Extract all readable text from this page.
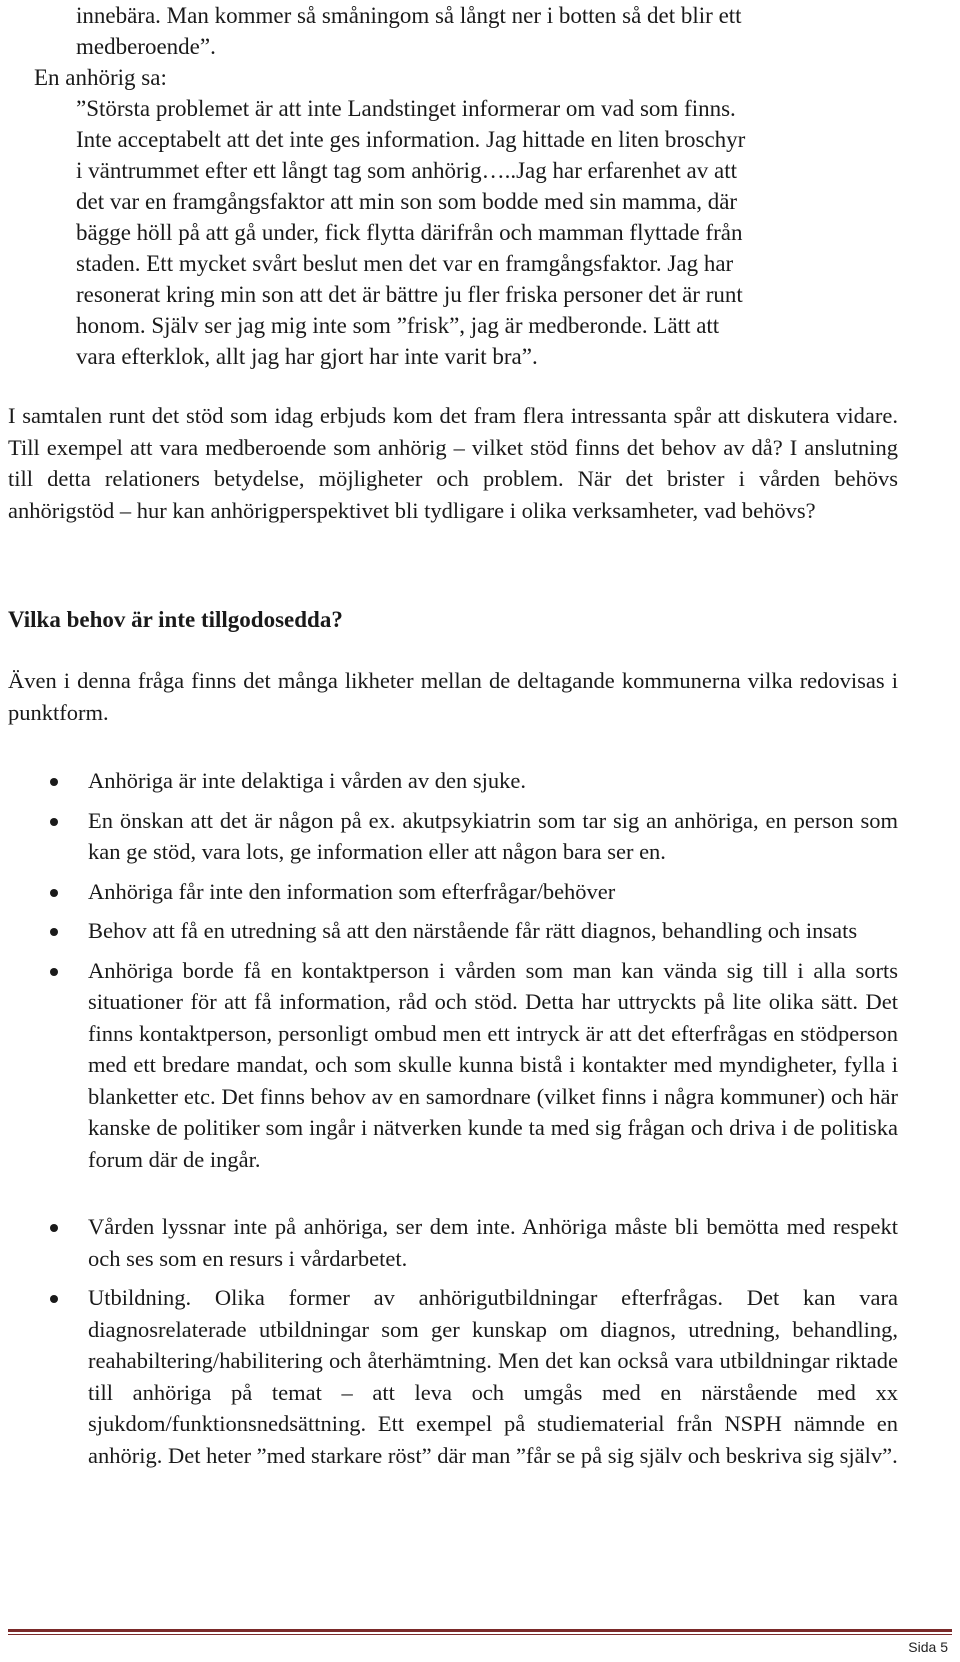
innebära. Man kommer så småningom så långt ner i botten så det blir ett
medberoende”.
En anhörig sa:
”Största problemet är att inte Landstinget informerar om vad som finns.
Inte acceptabelt att det inte ges information. Jag hittade en liten broschyr
i väntrummet efter ett långt tag som anhörig…..Jag har erfarenhet av att
det var en framgångsfaktor att min son som bodde med sin mamma, där
bägge höll på att gå under, fick flytta därifrån och mamman flyttade från
staden. Ett mycket svårt beslut men det var en framgångsfaktor. Jag har
resonerat kring min son att det är bättre ju fler friska personer det är runt
honom. Själv ser jag mig inte som ”frisk”, jag är medberonde. Lätt att
vara efterklok, allt jag har gjort har inte varit bra”.

I samtalen runt det stöd som idag erbjuds kom det fram flera intressanta spår att diskutera vidare. Till exempel att vara medberoende som anhörig – vilket stöd finns det behov av då? I anslutning till detta relationers betydelse, möjligheter och problem. När det brister i vården behövs anhörigstöd – hur kan anhörigperspektivet bli tydligare i olika verksamheter, vad behövs?

Vilka behov är inte tillgodosedda?

Även i denna fråga finns det många likheter mellan de deltagande kommunerna vilka redovisas i punktform.

Anhöriga är inte delaktiga i vården av den sjuke.
En önskan att det är någon på ex. akutpsykiatrin som tar sig an anhöriga, en person som kan ge stöd, vara lots, ge information eller att någon bara ser en.
Anhöriga får inte den information som efterfrågar/behöver
Behov att få en utredning så att den närstående får rätt diagnos, behandling och insats
Anhöriga borde få en kontaktperson i vården som man kan vända sig till i alla sorts situationer för att få information, råd och stöd. Detta har uttryckts på lite olika sätt. Det finns kontaktperson, personligt ombud men ett intryck är att det efterfrågas en stödperson med ett bredare mandat, och som skulle kunna bistå i kontakter med myndigheter, fylla i blanketter etc. Det finns behov av en samordnare (vilket finns i några kommuner) och här kanske de politiker som ingår i nätverken kunde ta med sig frågan och driva i de politiska forum där de ingår.
Vården lyssnar inte på anhöriga, ser dem inte. Anhöriga måste bli bemötta med respekt och ses som en resurs i vårdarbetet.
Utbildning. Olika former av anhörigutbildningar efterfrågas. Det kan vara diagnosrelaterade utbildningar som ger kunskap om diagnos, utredning, behandling, reahabiltering/habilitering och återhämtning. Men det kan också vara utbildningar riktade till anhöriga på temat – att leva och umgås med en närstående med xx sjukdom/funktionsnedsättning. Ett exempel på studiematerial från NSPH nämnde en anhörig. Det heter ”med starkare röst” där man ”får se på sig själv och beskriva sig själv”.
Sida 5
